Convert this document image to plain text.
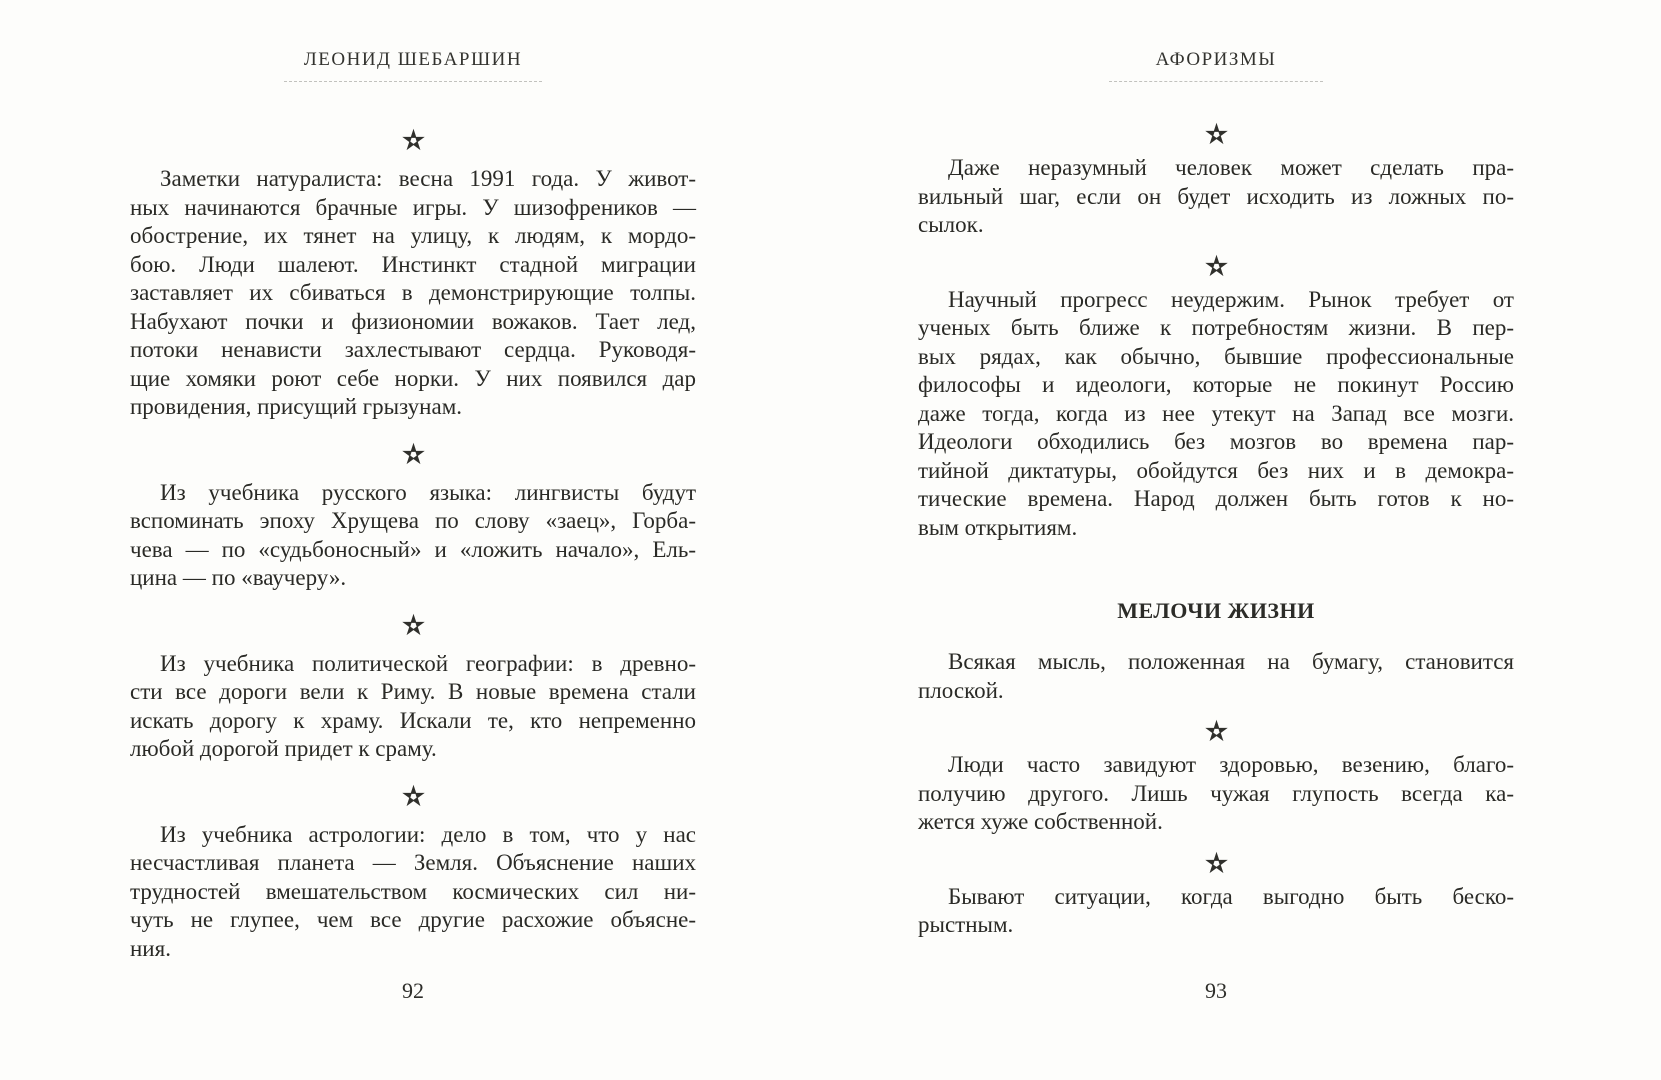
ЛЕОНИД ШЕБАРШИН
Заметки натуралиста: весна 1991 года. У живот-
ных начинаются брачные игры. У шизофреников —
обострение, их тянет на улицу, к людям, к мордо-
бою. Люди шалеют. Инстинкт стадной миграции
заставляет их сбиваться в демонстрирующие толпы.
Набухают почки и физиономии вожаков. Тает лед,
потоки ненависти захлестывают сердца. Руководя-
щие хомяки роют себе норки. У них появился дар
провидения, присущий грызунам.
Из учебника русского языка: лингвисты будут
вспоминать эпоху Хрущева по слову «заец», Горба-
чева — по «судьбоносный» и «ложить начало», Ель-
цина — по «ваучеру».
Из учебника политической географии: в древно-
сти все дороги вели к Риму. В новые времена стали
искать дорогу к храму. Искали те, кто непременно
любой дорогой придет к сраму.
Из учебника астрологии: дело в том, что у нас
несчастливая планета — Земля. Объяснение наших
трудностей вмешательством космических сил ни-
чуть не глупее, чем все другие расхожие объясне-
ния.
92
АФОРИЗМЫ
Даже неразумный человек может сделать пра-
вильный шаг, если он будет исходить из ложных по-
сылок.
Научный прогресс неудержим. Рынок требует от
ученых быть ближе к потребностям жизни. В пер-
вых рядах, как обычно, бывшие профессиональные
философы и идеологи, которые не покинут Россию
даже тогда, когда из нее утекут на Запад все мозги.
Идеологи обходились без мозгов во времена пар-
тийной диктатуры, обойдутся без них и в демокра-
тические времена. Народ должен быть готов к но-
вым открытиям.
МЕЛОЧИ ЖИЗНИ
Всякая мысль, положенная на бумагу, становится
плоской.
Люди часто завидуют здоровью, везению, благо-
получию другого. Лишь чужая глупость всегда ка-
жется хуже собственной.
Бывают ситуации, когда выгодно быть беско-
рыстным.
93
